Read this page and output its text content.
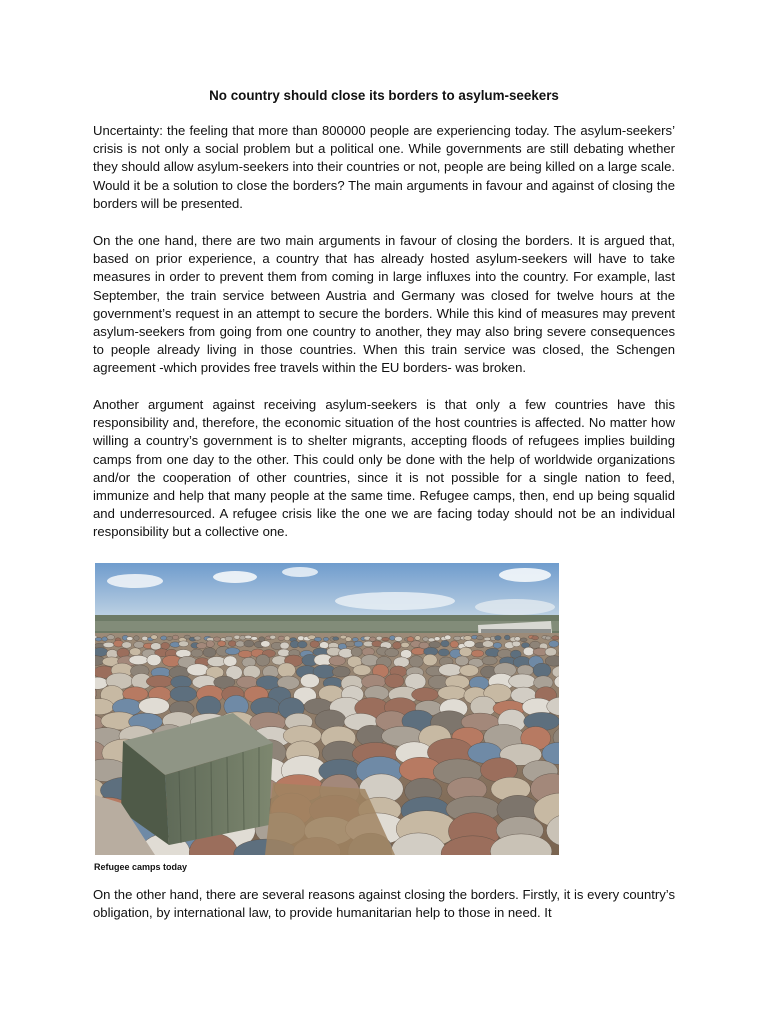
No country should close its borders to asylum-seekers

Uncertainty: the feeling that more than 800000 people are experiencing today. The asylum-seekers’ crisis is not only a social problem but a political one. While governments are still debating whether they should allow asylum-seekers into their countries or not, people are being killed on a large scale. Would it be a solution to close the borders? The main arguments in favour and against of closing the borders will be presented.

On the one hand, there are two main arguments in favour of closing the borders. It is argued that, based on prior experience, a country that has already hosted asylum-seekers will have to take measures in order to prevent them from coming in large influxes into the country. For example, last September, the train service between Austria and Germany was closed for twelve hours at the government’s request in an attempt to secure the borders. While this kind of measures may prevent asylum-seekers from going from one country to another, they may also bring severe consequences to people already living in those countries. When this train service was closed, the Schengen agreement -which provides free travels within the EU borders- was broken.

Another argument against receiving asylum-seekers is that only a few countries have this responsibility and, therefore, the economic situation of the host countries is affected. No matter how willing a country’s government is to shelter migrants, accepting floods of refugees implies building camps from one day to the other. This could only be done with the help of worldwide organizations and/or the cooperation of other countries, since it is not possible for a single nation to feed, immunize and help that many people at the same time. Refugee camps, then, end up being squalid and underresourced. A refugee crisis like the one we are facing today should not be an individual responsibility but a collective one.

Refugee camps today

On the other hand, there are several reasons against closing the borders. Firstly, it is every country’s obligation, by international law, to provide humanitarian help to those in need. It
